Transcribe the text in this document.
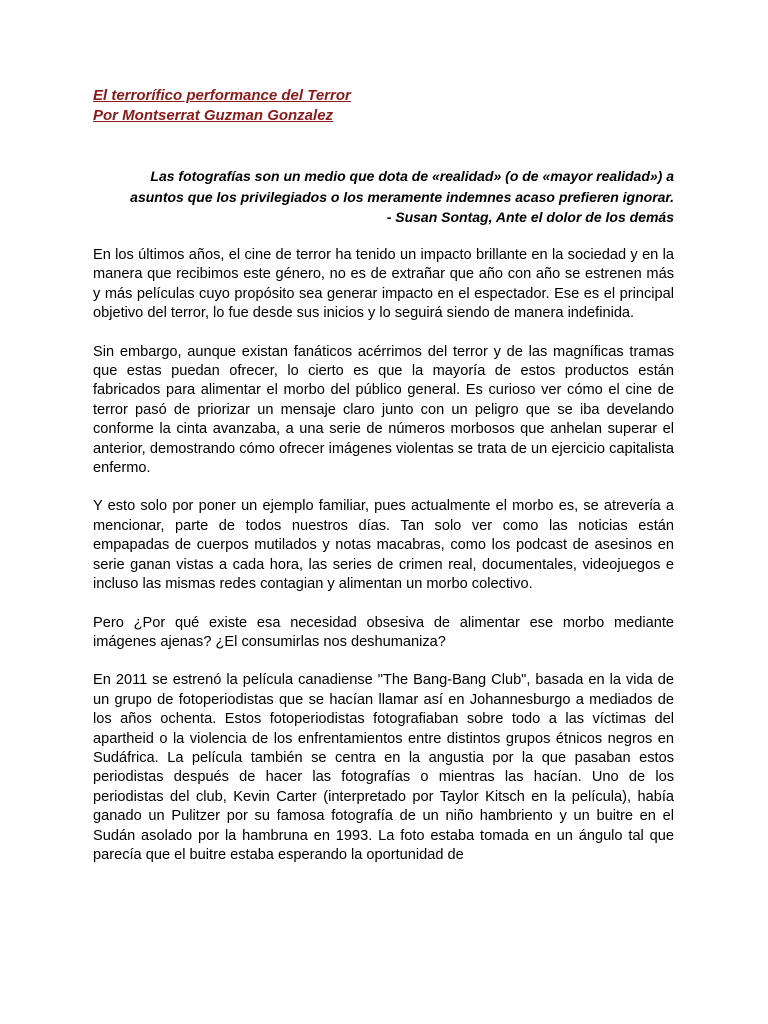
El terrorífico performance del Terror
Por Montserrat Guzman Gonzalez
Las fotografías son un medio que dota de «realidad» (o de «mayor realidad») a asuntos que los privilegiados o los meramente indemnes acaso prefieren ignorar.
- Susan Sontag, Ante el dolor de los demás

En los últimos años, el cine de terror ha tenido un impacto brillante en la sociedad y en la manera que recibimos este género, no es de extrañar que año con año se estrenen más y más películas cuyo propósito sea generar impacto en el espectador. Ese es el principal objetivo del terror, lo fue desde sus inicios y lo seguirá siendo de manera indefinida.

Sin embargo, aunque existan fanáticos acérrimos del terror y de las magníficas tramas que estas puedan ofrecer, lo cierto es que la mayoría de estos productos están fabricados para alimentar el morbo del público general. Es curioso ver cómo el cine de terror pasó de priorizar un mensaje claro junto con un peligro que se iba develando conforme la cinta avanzaba, a una serie de números morbosos que anhelan superar el anterior, demostrando cómo ofrecer imágenes violentas se trata de un ejercicio capitalista enfermo.

Y esto solo por poner un ejemplo familiar, pues actualmente el morbo es, se atreverίa a mencionar, parte de todos nuestros días. Tan solo ver como las noticias están empapadas de cuerpos mutilados y notas macabras, como los podcast de asesinos en serie ganan vistas a cada hora, las series de crimen real, documentales, videojuegos e incluso las mismas redes contagian y alimentan un morbo colectivo.

Pero ¿Por qué existe esa necesidad obsesiva de alimentar ese morbo mediante imágenes ajenas? ¿El consumirlas nos deshumaniza?

En 2011 se estrenó la película canadiense "The Bang-Bang Club", basada en la vida de un grupo de fotoperiodistas que se hacían llamar así en Johannesburgo a mediados de los años ochenta. Estos fotoperiodistas fotografiaban sobre todo a las víctimas del apartheid o la violencia de los enfrentamientos entre distintos grupos étnicos negros en Sudáfrica. La película también se centra en la angustia por la que pasaban estos periodistas después de hacer las fotografías o mientras las hacían. Uno de los periodistas del club, Kevin Carter (interpretado por Taylor Kitsch en la película), había ganado un Pulitzer por su famosa fotografía de un niño hambriento y un buitre en el Sudán asolado por la hambruna en 1993. La foto estaba tomada en un ángulo tal que parecía que el buitre estaba esperando la oportunidad de
